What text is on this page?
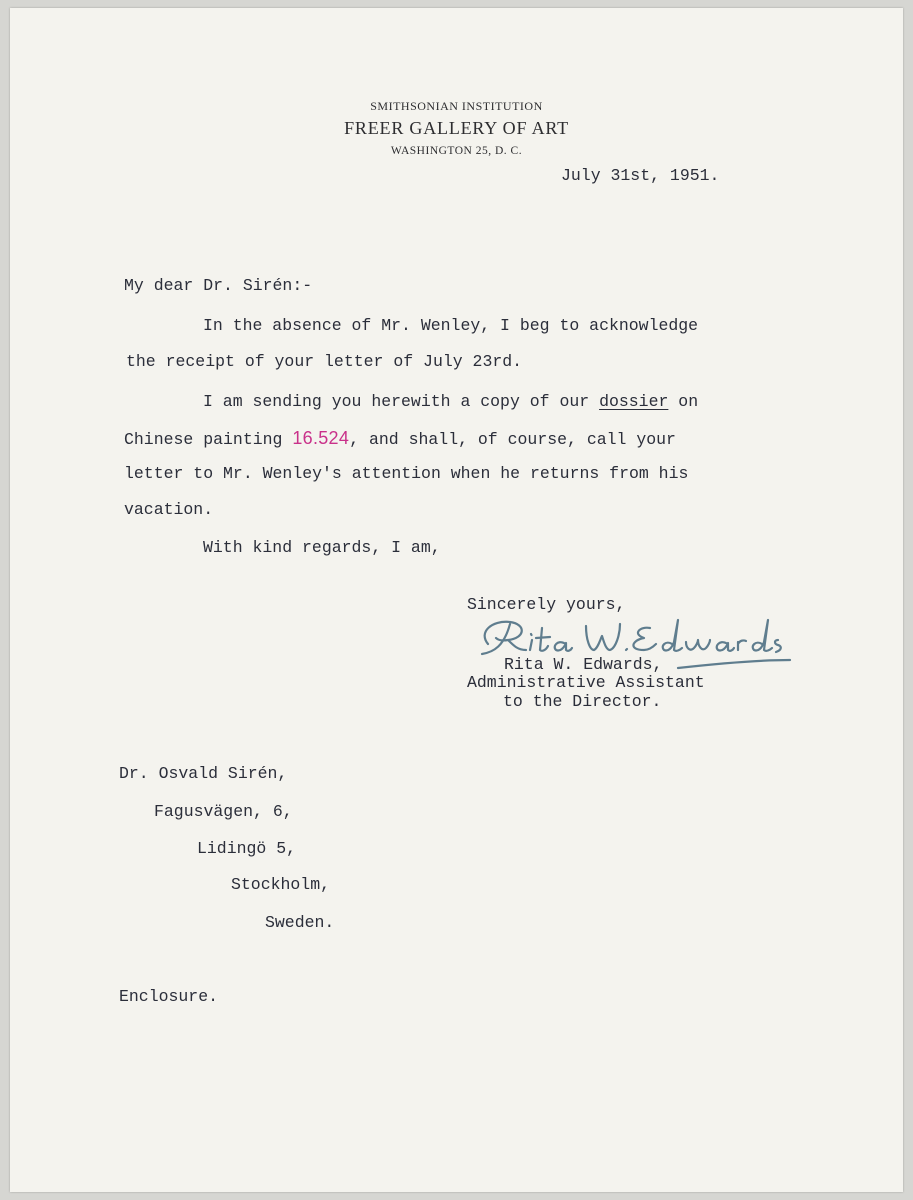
SMITHSONIAN INSTITUTION
FREER GALLERY OF ART
WASHINGTON 25, D. C.
July 31st, 1951.
My dear Dr. Sirén:-
In the absence of Mr. Wenley, I beg to acknowledge
the receipt of your letter of July 23rd.
I am sending you herewith a copy of our dossier on
Chinese painting 16.524, and shall, of course, call your
letter to Mr. Wenley's attention when he returns from his
vacation.
With kind regards, I am,
Sincerely yours,
Rita W. Edwards,
Administrative Assistant
to the Director.
Dr. Osvald Sirén,
Fagusvägen, 6,
Lidingö 5,
Stockholm,
Sweden.
Enclosure.
